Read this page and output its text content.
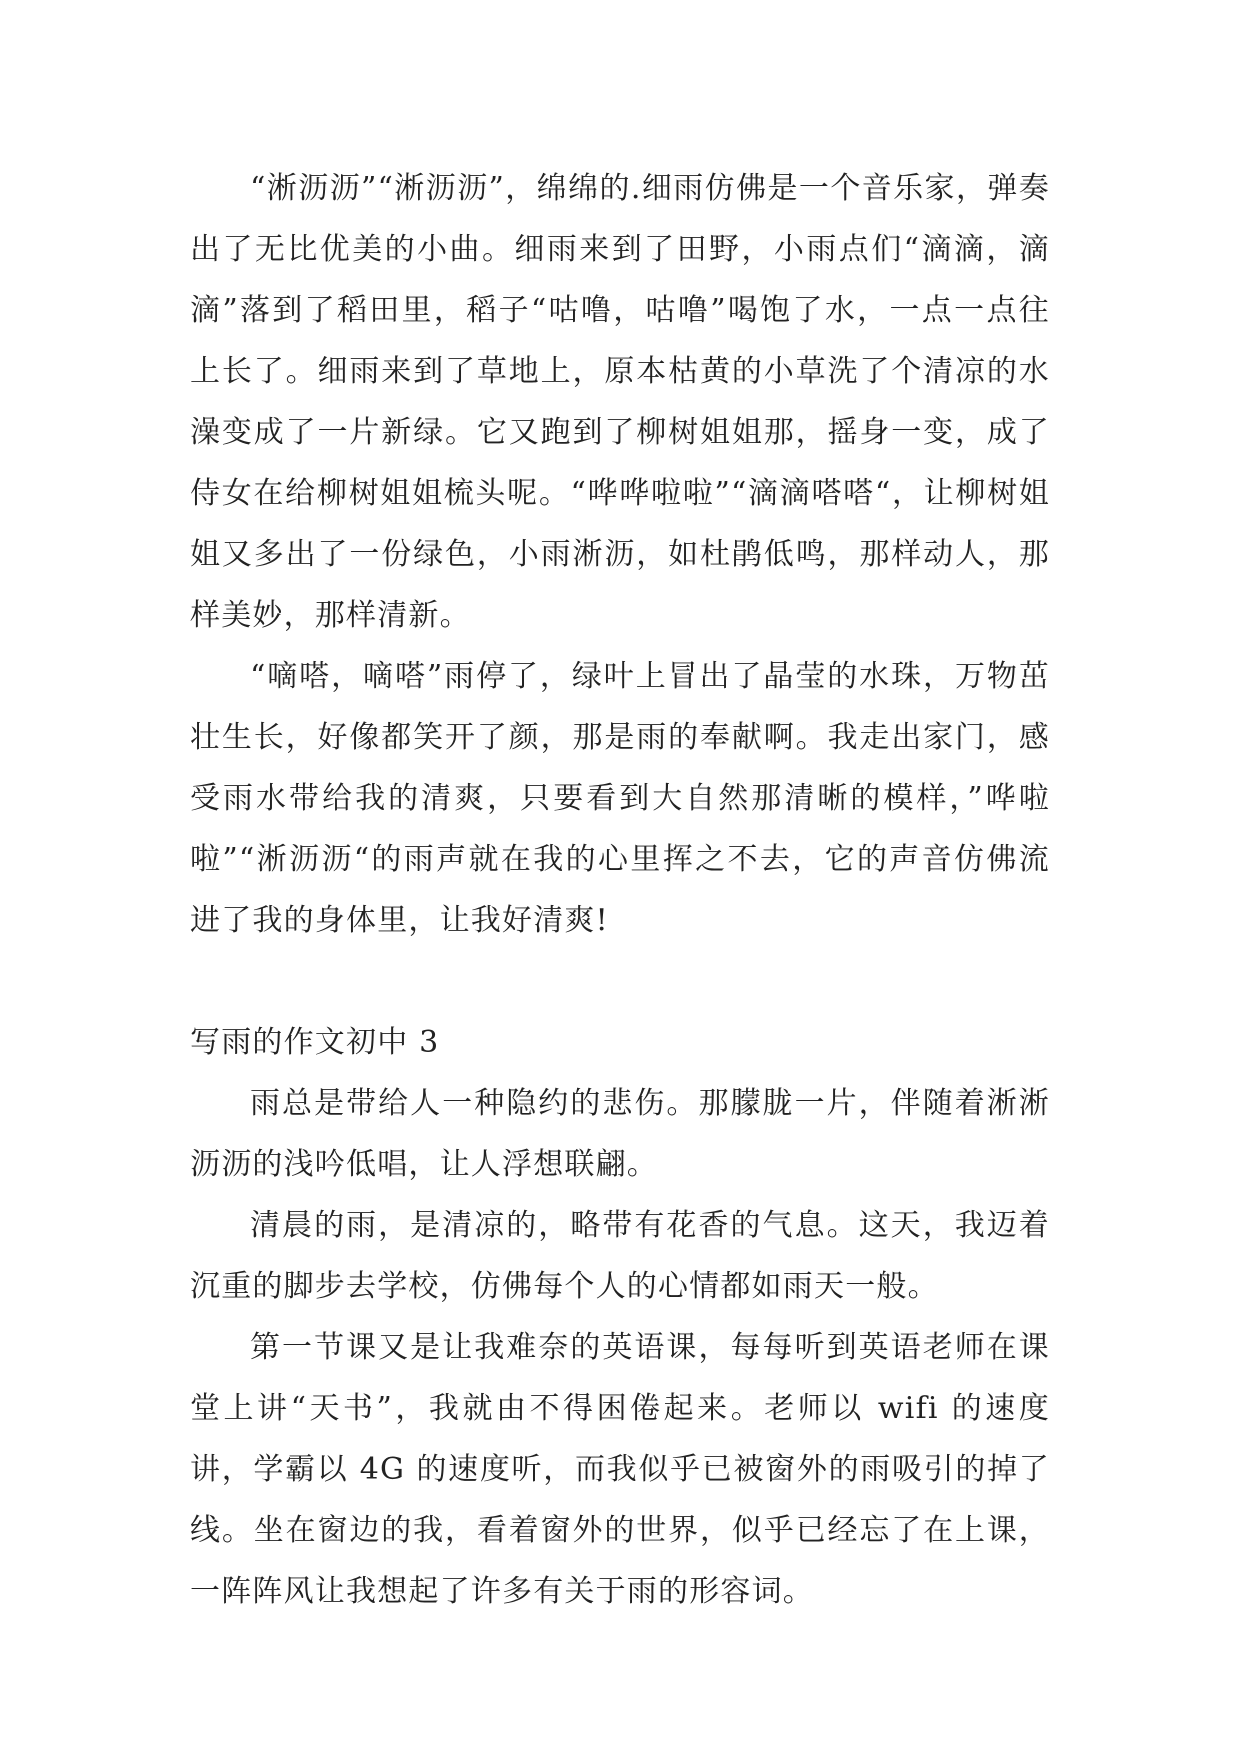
“淅沥沥”“淅沥沥”，绵绵的.细雨仿佛是一个音乐家，弹奏出了无比优美的小曲。细雨来到了田野，小雨点们“滴滴，滴滴”落到了稻田里，稻子“咕噜，咕噜”喝饱了水，一点一点往上长了。细雨来到了草地上，原本枯黄的小草洗了个清凉的水澡变成了一片新绿。它又跑到了柳树姐姐那，摇身一变，成了侍女在给柳树姐姐梳头呢。“哗哗啦啦”“滴滴嗒嗒“，让柳树姐姐又多出了一份绿色，小雨淅沥，如杜鹃低鸣，那样动人，那样美妙，那样清新。

“嘀嗒，嘀嗒”雨停了，绿叶上冒出了晶莹的水珠，万物茁壮生长，好像都笑开了颜，那是雨的奉献啊。我走出家门，感受雨水带给我的清爽，只要看到大自然那清晰的模样，”哗啦啦”“淅沥沥“的雨声就在我的心里挥之不去，它的声音仿佛流进了我的身体里，让我好清爽!

写雨的作文初中 3

雨总是带给人一种隐约的悲伤。那朦胧一片，伴随着淅淅沥沥的浅吟低唱，让人浮想联翩。

清晨的雨，是清凉的，略带有花香的气息。这天，我迈着沉重的脚步去学校，仿佛每个人的心情都如雨天一般。

第一节课又是让我难奈的英语课，每每听到英语老师在课堂上讲“天书”，我就由不得困倦起来。老师以 wifi 的速度讲，学霸以 4G 的速度听，而我似乎已被窗外的雨吸引的掉了线。坐在窗边的我，看着窗外的世界，似乎已经忘了在上课，一阵阵风让我想起了许多有关于雨的形容词。
